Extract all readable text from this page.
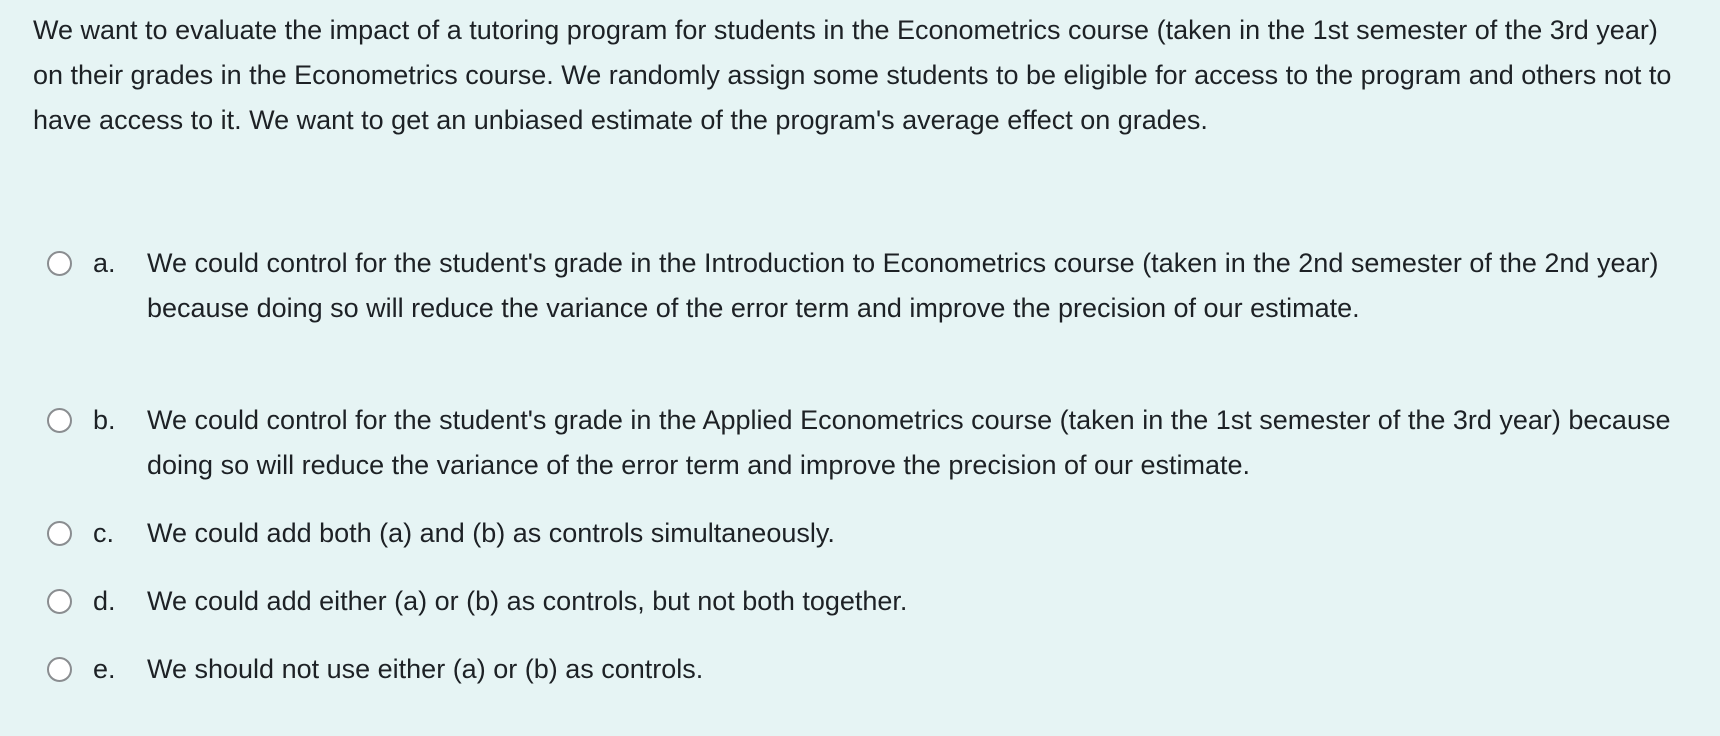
We want to evaluate the impact of a tutoring program for students in the Econometrics course (taken in the 1st semester of the 3rd year) on their grades in the Econometrics course. We randomly assign some students to be eligible for access to the program and others not to have access to it. We want to get an unbiased estimate of the program's average effect on grades.

a. We could control for the student's grade in the Introduction to Econometrics course (taken in the 2nd semester of the 2nd year) because doing so will reduce the variance of the error term and improve the precision of our estimate.
b. We could control for the student's grade in the Applied Econometrics course (taken in the 1st semester of the 3rd year) because doing so will reduce the variance of the error term and improve the precision of our estimate.
c. We could add both (a) and (b) as controls simultaneously.
d. We could add either (a) or (b) as controls, but not both together.
e. We should not use either (a) or (b) as controls.
